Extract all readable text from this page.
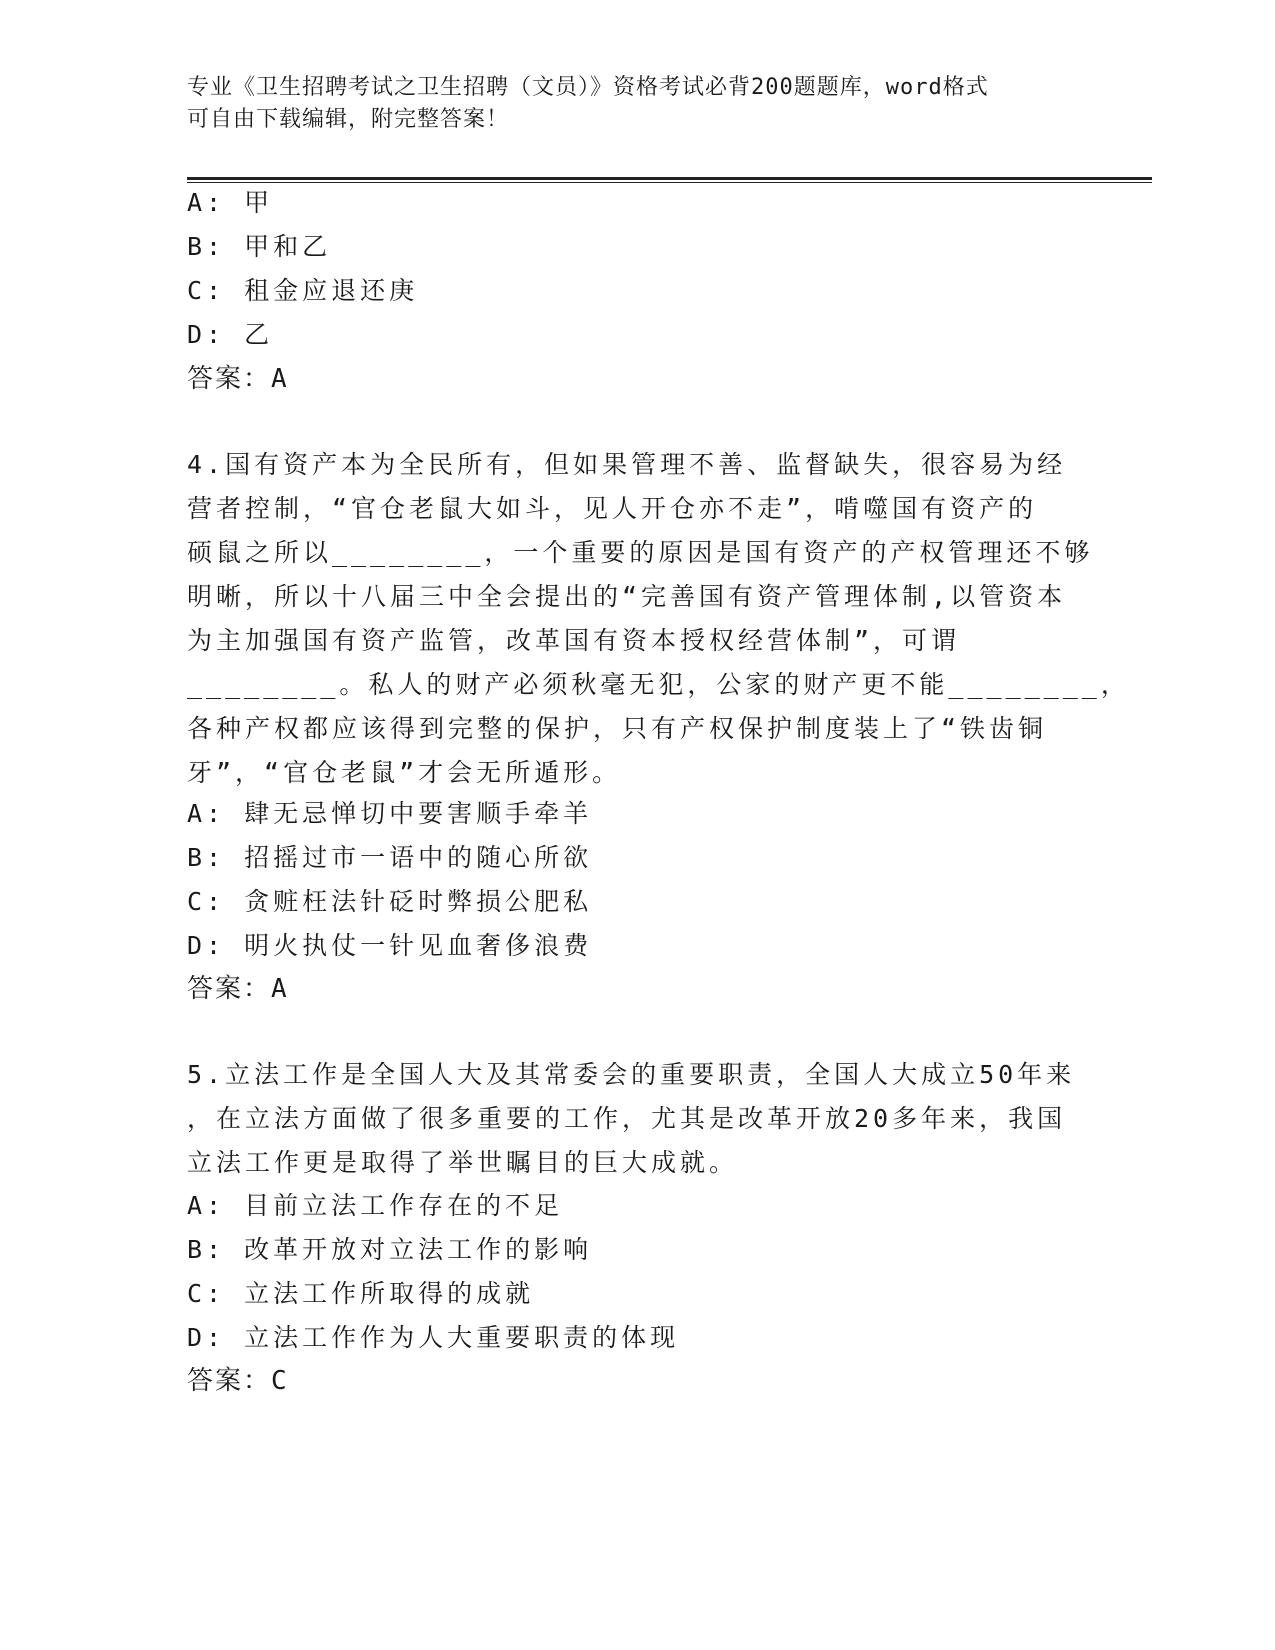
专业《卫生招聘考试之卫生招聘（文员）》资格考试必背200题题库，word格式
可自由下载编辑，附完整答案！
A: 甲
B: 甲和乙
C: 租金应退还庚
D: 乙
答案：A
4.国有资产本为全民所有，但如果管理不善、监督缺失，很容易为经
营者控制，“官仓老鼠大如斗，见人开仓亦不走”，啃噬国有资产的
硕鼠之所以________，一个重要的原因是国有资产的产权管理还不够
明晰，所以十八届三中全会提出的“完善国有资产管理体制,以管资本
为主加强国有资产监管，改革国有资本授权经营体制”，可谓
________。私人的财产必须秋毫无犯，公家的财产更不能________，
各种产权都应该得到完整的保护，只有产权保护制度装上了“铁齿铜
牙”，“官仓老鼠”才会无所遁形。
A: 肆无忌惮切中要害顺手牵羊
B: 招摇过市一语中的随心所欲
C: 贪赃枉法针砭时弊损公肥私
D: 明火执仗一针见血奢侈浪费
答案：A
5.立法工作是全国人大及其常委会的重要职责，全国人大成立50年来
，在立法方面做了很多重要的工作，尤其是改革开放20多年来，我国
立法工作更是取得了举世瞩目的巨大成就。
A: 目前立法工作存在的不足
B: 改革开放对立法工作的影响
C: 立法工作所取得的成就
D: 立法工作作为人大重要职责的体现
答案：C
